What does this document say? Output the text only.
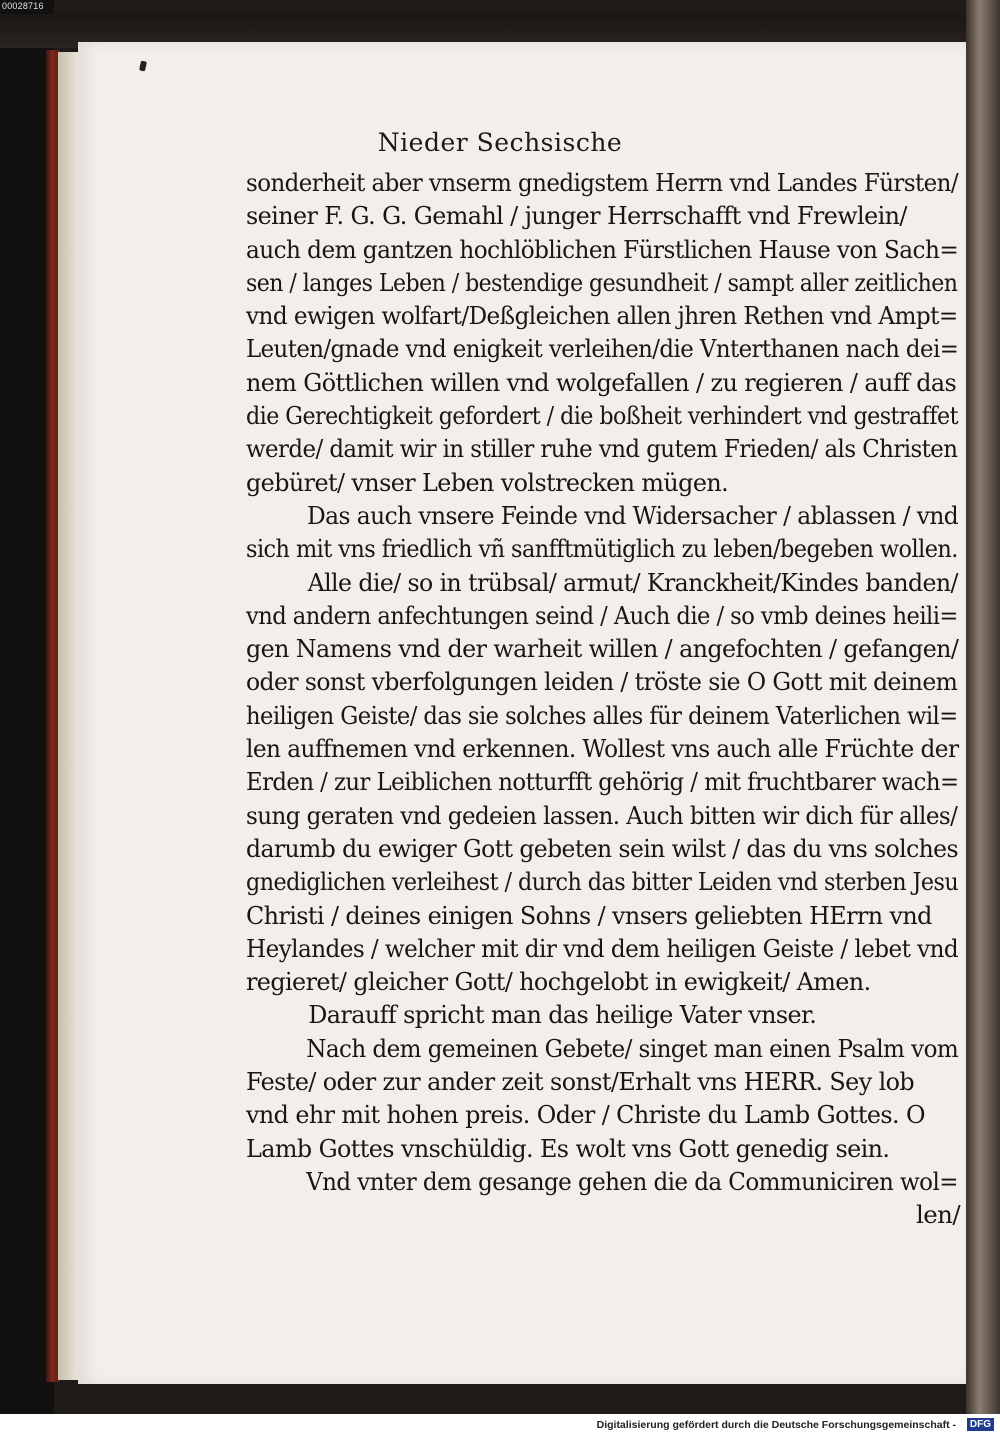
00028716
Nieder Sechsische
sonderheit aber vnserm gnedigstem Herrn vnd Landes Fürsten/
seiner F. G. G. Gemahl / junger Herrschafft vnd Frewlein/
auch dem gantzen hochlöblichen Fürstlichen Hause von Sach=
sen / langes Leben / bestendige gesundheit / sampt aller zeitlichen
vnd ewigen wolfart/Deßgleichen allen jhren Rethen vnd Ampt=
Leuten/gnade vnd enigkeit verleihen/die Vnterthanen nach dei=
nem Göttlichen willen vnd wolgefallen / zu regieren / auff das
die Gerechtigkeit gefordert / die boßheit verhindert vnd gestraffet
werde/ damit wir in stiller ruhe vnd gutem Frieden/ als Christen
gebüret/ vnser Leben volstrecken mügen.
Das auch vnsere Feinde vnd Widersacher / ablassen / vnd
sich mit vns friedlich vñ sanfftmütiglich zu leben/begeben wollen.
Alle die/ so in trübsal/ armut/ Kranckheit/Kindes banden/
vnd andern anfechtungen seind / Auch die / so vmb deines heili=
gen Namens vnd der warheit willen / angefochten / gefangen/
oder sonst vberfolgungen leiden / tröste sie O Gott mit deinem
heiligen Geiste/ das sie solches alles für deinem Vaterlichen wil=
len auffnemen vnd erkennen. Wollest vns auch alle Früchte der
Erden / zur Leiblichen notturfft gehörig / mit fruchtbarer wach=
sung geraten vnd gedeien lassen. Auch bitten wir dich für alles/
darumb du ewiger Gott gebeten sein wilst / das du vns solches
gnediglichen verleihest / durch das bitter Leiden vnd sterben Jesu
Christi / deines einigen Sohns / vnsers geliebten HErrn vnd
Heylandes / welcher mit dir vnd dem heiligen Geiste / lebet vnd
regieret/ gleicher Gott/ hochgelobt in ewigkeit/ Amen.
Darauff spricht man das heilige Vater vnser.
Nach dem gemeinen Gebete/ singet man einen Psalm vom
Feste/ oder zur ander zeit sonst/Erhalt vns HERR. Sey lob
vnd ehr mit hohen preis. Oder / Christe du Lamb Gottes. O
Lamb Gottes vnschüldig. Es wolt vns Gott genedig sein.
Vnd vnter dem gesange gehen die da Communiciren wol=
len/
Digitalisierung gefördert durch die Deutsche Forschungsgemeinschaft -	DFG
